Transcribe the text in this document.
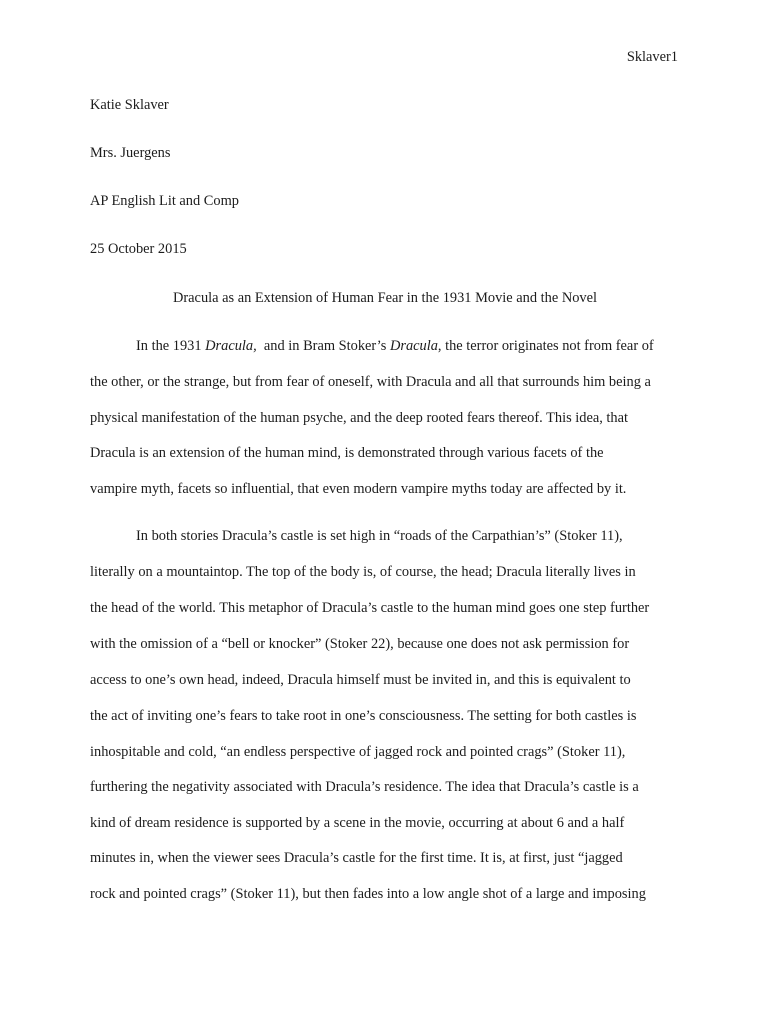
Sklaver1
Katie Sklaver
Mrs. Juergens
AP English Lit and Comp
25 October 2015
Dracula as an Extension of Human Fear in the 1931 Movie and the Novel
In the 1931 Dracula,  and in Bram Stoker’s Dracula, the terror originates not from fear of
the other, or the strange, but from fear of oneself, with Dracula and all that surrounds him being a
physical manifestation of the human psyche, and the deep rooted fears thereof. This idea, that
Dracula is an extension of the human mind, is demonstrated through various facets of the
vampire myth, facets so influential, that even modern vampire myths today are affected by it.
In both stories Dracula’s castle is set high in “roads of the Carpathian’s” (Stoker 11),
literally on a mountaintop. The top of the body is, of course, the head; Dracula literally lives in
the head of the world. This metaphor of Dracula’s castle to the human mind goes one step further
with the omission of a “bell or knocker” (Stoker 22), because one does not ask permission for
access to one’s own head, indeed, Dracula himself must be invited in, and this is equivalent to
the act of inviting one’s fears to take root in one’s consciousness. The setting for both castles is
inhospitable and cold, “an endless perspective of jagged rock and pointed crags” (Stoker 11),
furthering the negativity associated with Dracula’s residence. The idea that Dracula’s castle is a
kind of dream residence is supported by a scene in the movie, occurring at about 6 and a half
minutes in, when the viewer sees Dracula’s castle for the first time. It is, at first, just “jagged
rock and pointed crags” (Stoker 11), but then fades into a low angle shot of a large and imposing
